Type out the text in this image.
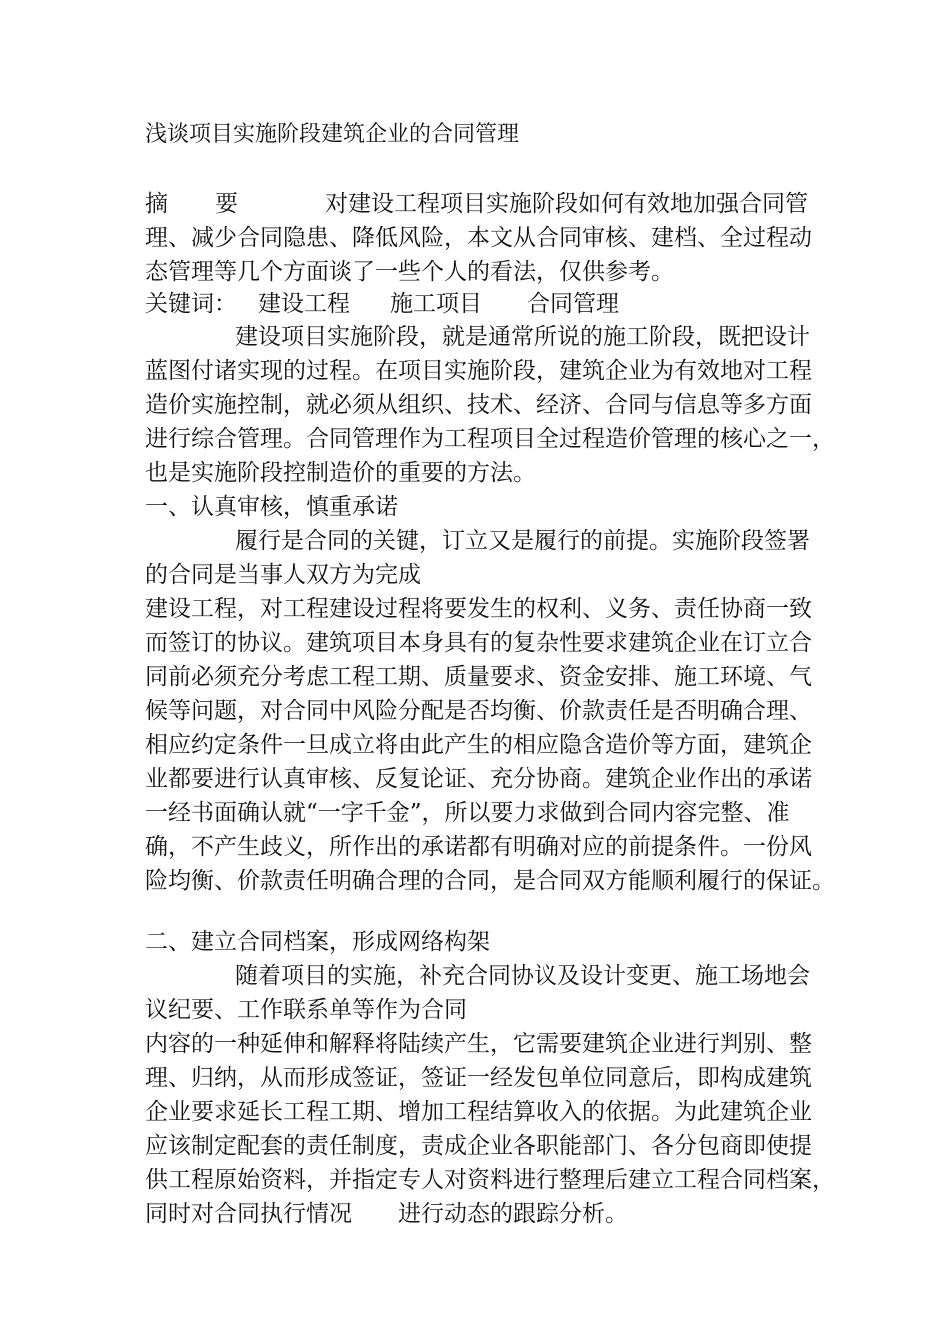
浅谈项目实施阶段建筑企业的合同管理
摘 要	对建设工程项目实施阶段如何有效地加强合同管
理、减少合同隐患、降低风险，本文从合同审核、建档、全过程动
态管理等几个方面谈了一些个人的看法，仅供参考。
关键词： 建设工程 施工项目 合同管理
建设项目实施阶段，就是通常所说的施工阶段，既把设计
蓝图付诸实现的过程。在项目实施阶段，建筑企业为有效地对工程
造价实施控制，就必须从组织、技术、经济、合同与信息等多方面
进行综合管理。合同管理作为工程项目全过程造价管理的核心之一，
也是实施阶段控制造价的重要的方法。
一、认真审核，慎重承诺
履行是合同的关键，订立又是履行的前提。实施阶段签署
的合同是当事人双方为完成
建设工程，对工程建设过程将要发生的权利、义务、责任协商一致
而签订的协议。建筑项目本身具有的复杂性要求建筑企业在订立合
同前必须充分考虑工程工期、质量要求、资金安排、施工环境、气
候等问题，对合同中风险分配是否均衡、价款责任是否明确合理、
相应约定条件一旦成立将由此产生的相应隐含造价等方面，建筑企
业都要进行认真审核、反复论证、充分协商。建筑企业作出的承诺
一经书面确认就“一字千金”，所以要力求做到合同内容完整、准
确，不产生歧义，所作出的承诺都有明确对应的前提条件。一份风
险均衡、价款责任明确合理的合同，是合同双方能顺利履行的保证。
二、建立合同档案，形成网络构架
随着项目的实施，补充合同协议及设计变更、施工场地会
议纪要、工作联系单等作为合同
内容的一种延伸和解释将陆续产生，它需要建筑企业进行判别、整
理、归纳，从而形成签证，签证一经发包单位同意后，即构成建筑
企业要求延长工程工期、增加工程结算收入的依据。为此建筑企业
应该制定配套的责任制度，责成企业各职能部门、各分包商即使提
供工程原始资料，并指定专人对资料进行整理后建立工程合同档案，
同时对合同执行情况 进行动态的跟踪分析。
